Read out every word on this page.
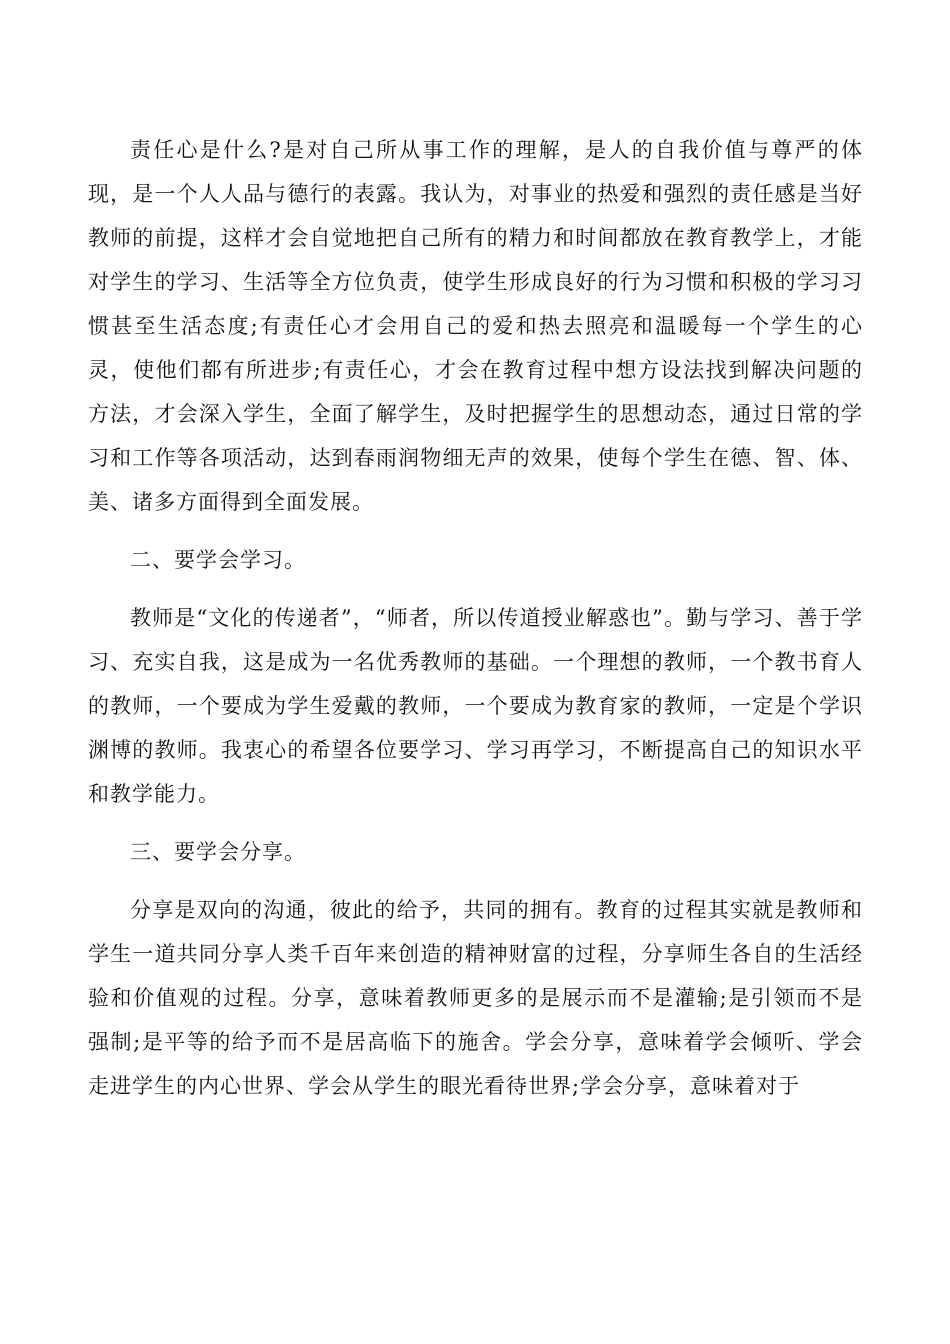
责任心是什么?是对自己所从事工作的理解，是人的自我价值与尊严的体现，是一个人人品与德行的表露。我认为，对事业的热爱和强烈的责任感是当好教师的前提，这样才会自觉地把自己所有的精力和时间都放在教育教学上，才能对学生的学习、生活等全方位负责，使学生形成良好的行为习惯和积极的学习习惯甚至生活态度;有责任心才会用自己的爱和热去照亮和温暖每一个学生的心灵，使他们都有所进步;有责任心，才会在教育过程中想方设法找到解决问题的方法，才会深入学生，全面了解学生，及时把握学生的思想动态，通过日常的学习和工作等各项活动，达到春雨润物细无声的效果，使每个学生在德、智、体、美、诸多方面得到全面发展。

二、要学会学习。

教师是“文化的传递者”，“师者，所以传道授业解惑也”。勤与学习、善于学习、充实自我，这是成为一名优秀教师的基础。一个理想的教师，一个教书育人的教师，一个要成为学生爱戴的教师，一个要成为教育家的教师，一定是个学识渊博的教师。我衷心的希望各位要学习、学习再学习，不断提高自己的知识水平和教学能力。

三、要学会分享。

分享是双向的沟通，彼此的给予，共同的拥有。教育的过程其实就是教师和学生一道共同分享人类千百年来创造的精神财富的过程，分享师生各自的生活经验和价值观的过程。分享，意味着教师更多的是展示而不是灌输;是引领而不是强制;是平等的给予而不是居高临下的施舍。学会分享，意味着学会倾听、学会走进学生的内心世界、学会从学生的眼光看待世界;学会分享，意味着对于
